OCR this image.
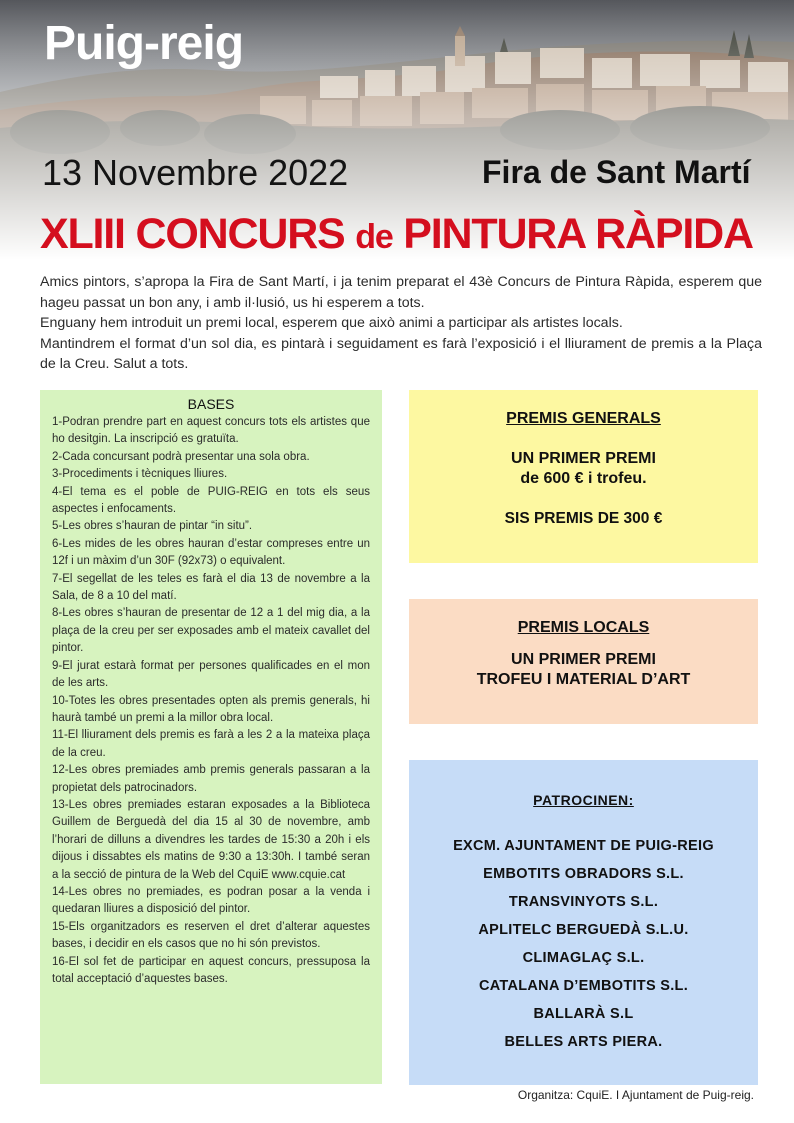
Puig-reig
13 Novembre 2022	Fira de Sant Martí
XLIII CONCURS de PINTURA RÀPIDA

Amics pintors, s’apropa la Fira de Sant Martí, i ja tenim preparat el 43è Concurs de Pintura Ràpida, esperem que hageu passat un bon any, i amb il·lusió, us hi esperem a tots.

Enguany hem introduit un premi local, esperem que això animi a participar als artistes locals.

Mantindrem el format d’un sol dia, es pintarà i seguidament es farà l’exposició i el lliurament de premis a la Plaça de la Creu. Salut a tots.

BASES
1-Podran prendre part en aquest concurs tots els artistes que ho desitgin. La inscripció es gratuïta.
2-Cada concursant podrà presentar una sola obra.
3-Procediments i tècniques lliures.
4-El tema es el poble de PUIG-REIG en tots els seus aspectes i enfocaments.
5-Les obres s’hauran de pintar “in situ”.
6-Les mides de les obres hauran d’estar compreses entre un 12f i un màxim d’un 30F (92x73) o equivalent.
7-El segellat de les teles es farà el dia 13 de novembre a la Sala, de 8 a 10 del matí.
8-Les obres s’hauran de presentar de 12 a 1 del mig dia, a la plaça de la creu per ser exposades amb el mateix cavallet del pintor.
9-El jurat estarà format per persones qualificades en el mon de les arts.
10-Totes les obres presentades opten als premis generals, hi haurà també un premi a la millor obra local.
11-El lliurament dels premis es farà a les 2 a la mateixa plaça de la creu.
12-Les obres premiades amb premis generals passaran a la propietat dels patrocinadors.
13-Les obres premiades estaran exposades a la Biblioteca Guillem de Berguedà del dia 15 al 30 de novembre, amb l’horari de dilluns a divendres les tardes de 15:30 a 20h i els dijous i dissabtes els matins de 9:30 a 13:30h. I també seran a la secció de pintura de la Web del CquiE www.cquie.cat
14-Les obres no premiades, es podran posar a la venda i quedaran lliures a disposició del pintor.
15-Els organitzadors es reserven el dret d’alterar aquestes bases, i decidir en els casos que no hi són previstos.
16-El sol fet de participar en aquest concurs, pressuposa la total acceptació d’aquestes bases.
PREMIS GENERALS
UN PRIMER PREMI
de 600 € i trofeu.
SIS PREMIS DE 300 €
PREMIS LOCALS
UN PRIMER PREMI
TROFEU I MATERIAL D’ART
PATROCINEN:
EXCM. AJUNTAMENT DE PUIG-REIG
EMBOTITS OBRADORS S.L.
TRANSVINYOTS S.L.
APLITELC BERGUEDÀ S.L.U.
CLIMAGLAÇ S.L.
CATALANA D’EMBOTITS S.L.
BALLARÀ S.L
BELLES ARTS PIERA.
Organitza: CquiE. I Ajuntament de Puig-reig.
